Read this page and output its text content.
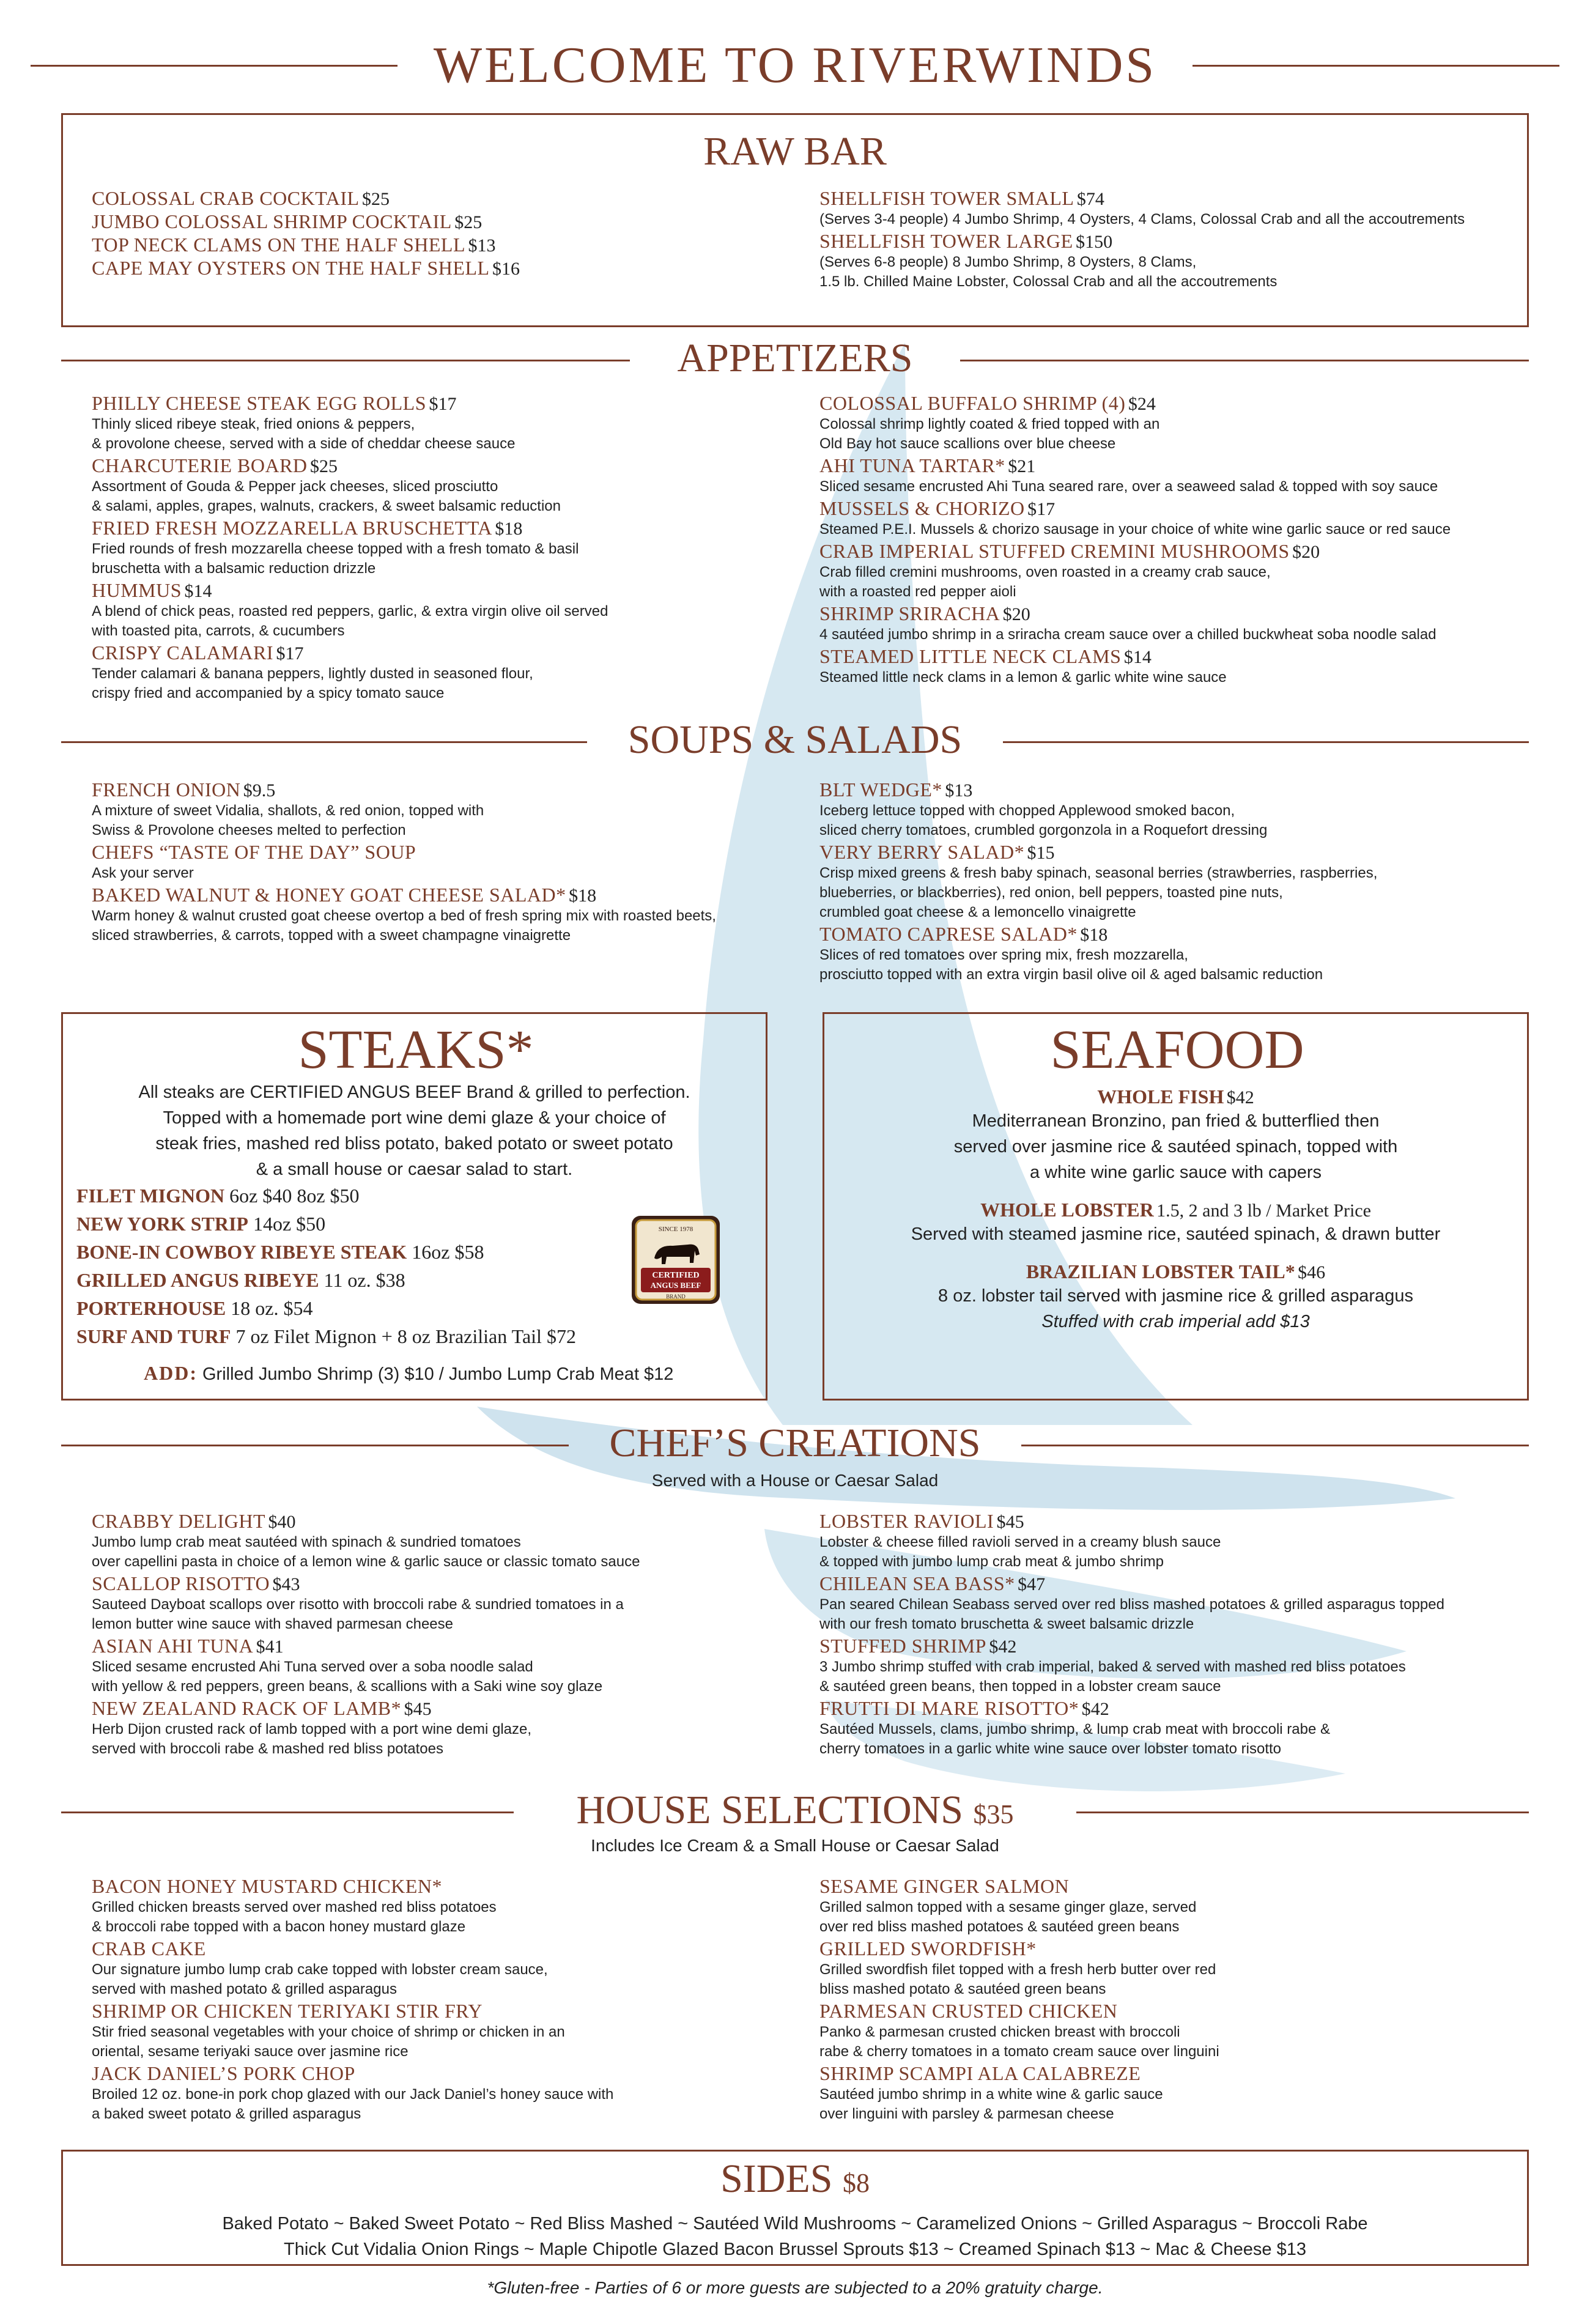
WELCOME TO RIVERWINDS
RAW BAR
COLOSSAL CRAB COCKTAIL $25
JUMBO COLOSSAL SHRIMP COCKTAIL $25
TOP NECK CLAMS ON THE HALF SHELL $13
CAPE MAY OYSTERS ON THE HALF SHELL $16
SHELLFISH TOWER SMALL $74
(Serves 3-4 people) 4 Jumbo Shrimp, 4 Oysters, 4 Clams, Colossal Crab and all the accoutrements
SHELLFISH TOWER LARGE $150
(Serves 6-8 people) 8 Jumbo Shrimp, 8 Oysters, 8 Clams,
1.5 lb. Chilled Maine Lobster, Colossal Crab and all the accoutrements
APPETIZERS
PHILLY CHEESE STEAK EGG ROLLS $17
Thinly sliced ribeye steak, fried onions & peppers,
& provolone cheese, served with a side of cheddar cheese sauce
CHARCUTERIE BOARD $25
Assortment of Gouda & Pepper jack cheeses, sliced prosciutto
& salami, apples, grapes, walnuts, crackers, & sweet balsamic reduction
FRIED FRESH MOZZARELLA BRUSCHETTA $18
Fried rounds of fresh mozzarella cheese topped with a fresh tomato & basil
bruschetta with a balsamic reduction drizzle
HUMMUS $14
A blend of chick peas, roasted red peppers, garlic, & extra virgin olive oil served
with toasted pita, carrots, & cucumbers
CRISPY CALAMARI $17
Tender calamari & banana peppers, lightly dusted in seasoned flour,
crispy fried and accompanied by a spicy tomato sauce
COLOSSAL BUFFALO SHRIMP (4) $24
Colossal shrimp lightly coated & fried topped with an
Old Bay hot sauce scallions over blue cheese
AHI TUNA TARTAR* $21
Sliced sesame encrusted Ahi Tuna seared rare, over a seaweed salad & topped with soy sauce
MUSSELS & CHORIZO $17
Steamed P.E.I. Mussels & chorizo sausage in your choice of white wine garlic sauce or red sauce
CRAB IMPERIAL STUFFED CREMINI MUSHROOMS $20
Crab filled cremini mushrooms, oven roasted in a creamy crab sauce,
with a roasted red pepper aioli
SHRIMP SRIRACHA $20
4 sautéed jumbo shrimp in a sriracha cream sauce over a chilled buckwheat soba noodle salad
STEAMED LITTLE NECK CLAMS $14
Steamed little neck clams in a lemon & garlic white wine sauce
SOUPS & SALADS
FRENCH ONION $9.5
A mixture of sweet Vidalia, shallots, & red onion, topped with
Swiss & Provolone cheeses melted to perfection
CHEFS “TASTE OF THE DAY” SOUP
Ask your server
BAKED WALNUT & HONEY GOAT CHEESE SALAD* $18
Warm honey & walnut crusted goat cheese overtop a bed of fresh spring mix with roasted beets,
sliced strawberries, & carrots, topped with a sweet champagne vinaigrette
BLT WEDGE* $13
Iceberg lettuce topped with chopped Applewood smoked bacon,
sliced cherry tomatoes, crumbled gorgonzola in a Roquefort dressing
VERY BERRY SALAD* $15
Crisp mixed greens & fresh baby spinach, seasonal berries (strawberries, raspberries,
blueberries, or blackberries), red onion, bell peppers, toasted pine nuts,
crumbled goat cheese & a lemoncello vinaigrette
TOMATO CAPRESE SALAD* $18
Slices of red tomatoes over spring mix, fresh mozzarella,
prosciutto topped with an extra virgin basil olive oil & aged balsamic reduction
STEAKS*
All steaks are CERTIFIED ANGUS BEEF Brand & grilled to perfection.
Topped with a homemade port wine demi glaze & your choice of
steak fries, mashed red bliss potato, baked potato or sweet potato
& a small house or caesar salad to start.
FILET MIGNON 6oz $40 8oz $50
NEW YORK STRIP 14oz $50
BONE-IN COWBOY RIBEYE STEAK 16oz $58
GRILLED ANGUS RIBEYE 11 oz. $38
PORTERHOUSE 18 oz. $54
SURF AND TURF 7 oz Filet Mignon + 8 oz Brazilian Tail $72
ADD: Grilled Jumbo Shrimp (3) $10 / Jumbo Lump Crab Meat $12
SINCE 1978
CERTIFIED
ANGUS BEEF
BRAND
SEAFOOD
WHOLE FISH $42
Mediterranean Bronzino, pan fried & butterflied then
served over jasmine rice & sautéed spinach, topped with
a white wine garlic sauce with capers
WHOLE LOBSTER 1.5, 2 and 3 lb / Market Price
Served with steamed jasmine rice, sautéed spinach, & drawn butter
BRAZILIAN LOBSTER TAIL* $46
8 oz. lobster tail served with jasmine rice & grilled asparagus
Stuffed with crab imperial add $13
CHEF’S CREATIONS
Served with a House or Caesar Salad
CRABBY DELIGHT $40
Jumbo lump crab meat sautéed with spinach & sundried tomatoes
over capellini pasta in choice of a lemon wine & garlic sauce or classic tomato sauce
SCALLOP RISOTTO $43
Sauteed Dayboat scallops over risotto with broccoli rabe & sundried tomatoes in a
lemon butter wine sauce with shaved parmesan cheese
ASIAN AHI TUNA $41
Sliced sesame encrusted Ahi Tuna served over a soba noodle salad
with yellow & red peppers, green beans, & scallions with a Saki wine soy glaze
NEW ZEALAND RACK OF LAMB* $45
Herb Dijon crusted rack of lamb topped with a port wine demi glaze,
served with broccoli rabe & mashed red bliss potatoes
LOBSTER RAVIOLI $45
Lobster & cheese filled ravioli served in a creamy blush sauce
& topped with jumbo lump crab meat & jumbo shrimp
CHILEAN SEA BASS* $47
Pan seared Chilean Seabass served over red bliss mashed potatoes & grilled asparagus topped
with our fresh tomato bruschetta & sweet balsamic drizzle
STUFFED SHRIMP $42
3 Jumbo shrimp stuffed with crab imperial, baked & served with mashed red bliss potatoes
& sautéed green beans, then topped in a lobster cream sauce
FRUTTI DI MARE RISOTTO* $42
Sautéed Mussels, clams, jumbo shrimp, & lump crab meat with broccoli rabe &
cherry tomatoes in a garlic white wine sauce over lobster tomato risotto
HOUSE SELECTIONS $35
Includes Ice Cream & a Small House or Caesar Salad
BACON HONEY MUSTARD CHICKEN*
Grilled chicken breasts served over mashed red bliss potatoes
& broccoli rabe topped with a bacon honey mustard glaze
CRAB CAKE
Our signature jumbo lump crab cake topped with lobster cream sauce,
served with mashed potato & grilled asparagus
SHRIMP OR CHICKEN TERIYAKI STIR FRY
Stir fried seasonal vegetables with your choice of shrimp or chicken in an
oriental, sesame teriyaki sauce over jasmine rice
JACK DANIEL’S PORK CHOP
Broiled 12 oz. bone-in pork chop glazed with our Jack Daniel’s honey sauce with
a baked sweet potato & grilled asparagus
SESAME GINGER SALMON
Grilled salmon topped with a sesame ginger glaze, served
over red bliss mashed potatoes & sautéed green beans
GRILLED SWORDFISH*
Grilled swordfish filet topped with a fresh herb butter over red
bliss mashed potato & sautéed green beans
PARMESAN CRUSTED CHICKEN
Panko & parmesan crusted chicken breast with broccoli
rabe & cherry tomatoes in a tomato cream sauce over linguini
SHRIMP SCAMPI ALA CALABREZE
Sautéed jumbo shrimp in a white wine & garlic sauce
over linguini with parsley & parmesan cheese
SIDES $8
Baked Potato ~ Baked Sweet Potato ~ Red Bliss Mashed ~ Sautéed Wild Mushrooms ~ Caramelized Onions ~ Grilled Asparagus ~ Broccoli Rabe
Thick Cut Vidalia Onion Rings ~ Maple Chipotle Glazed Bacon Brussel Sprouts $13 ~ Creamed Spinach $13 ~ Mac & Cheese $13
*Gluten-free - Parties of 6 or more guests are subjected to a 20% gratuity charge.
